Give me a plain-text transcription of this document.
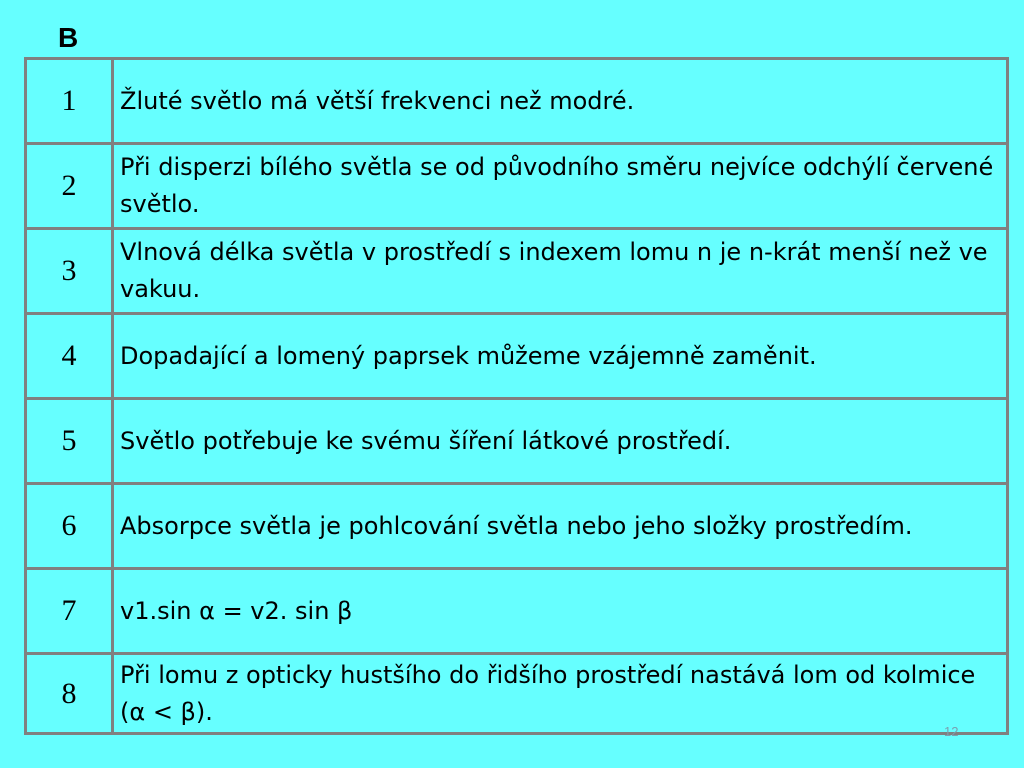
B
1	Žluté světlo má větší frekvenci než modré.
2	Při disperzi bílého světla se od původního směru nejvíce odchýlí červené světlo.
3	Vlnová délka světla v prostředí s indexem lomu n je n-krát menší než ve vakuu.
4	Dopadající a lomený paprsek můžeme vzájemně zaměnit.
5	Světlo potřebuje ke svému šíření látkové prostředí.
6	Absorpce světla je pohlcování světla nebo jeho složky prostředím.
7	v1.sin α = v2. sin β
8	Při lomu z opticky hustšího do řidšího prostředí nastává lom od kolmice (α < β).
12
